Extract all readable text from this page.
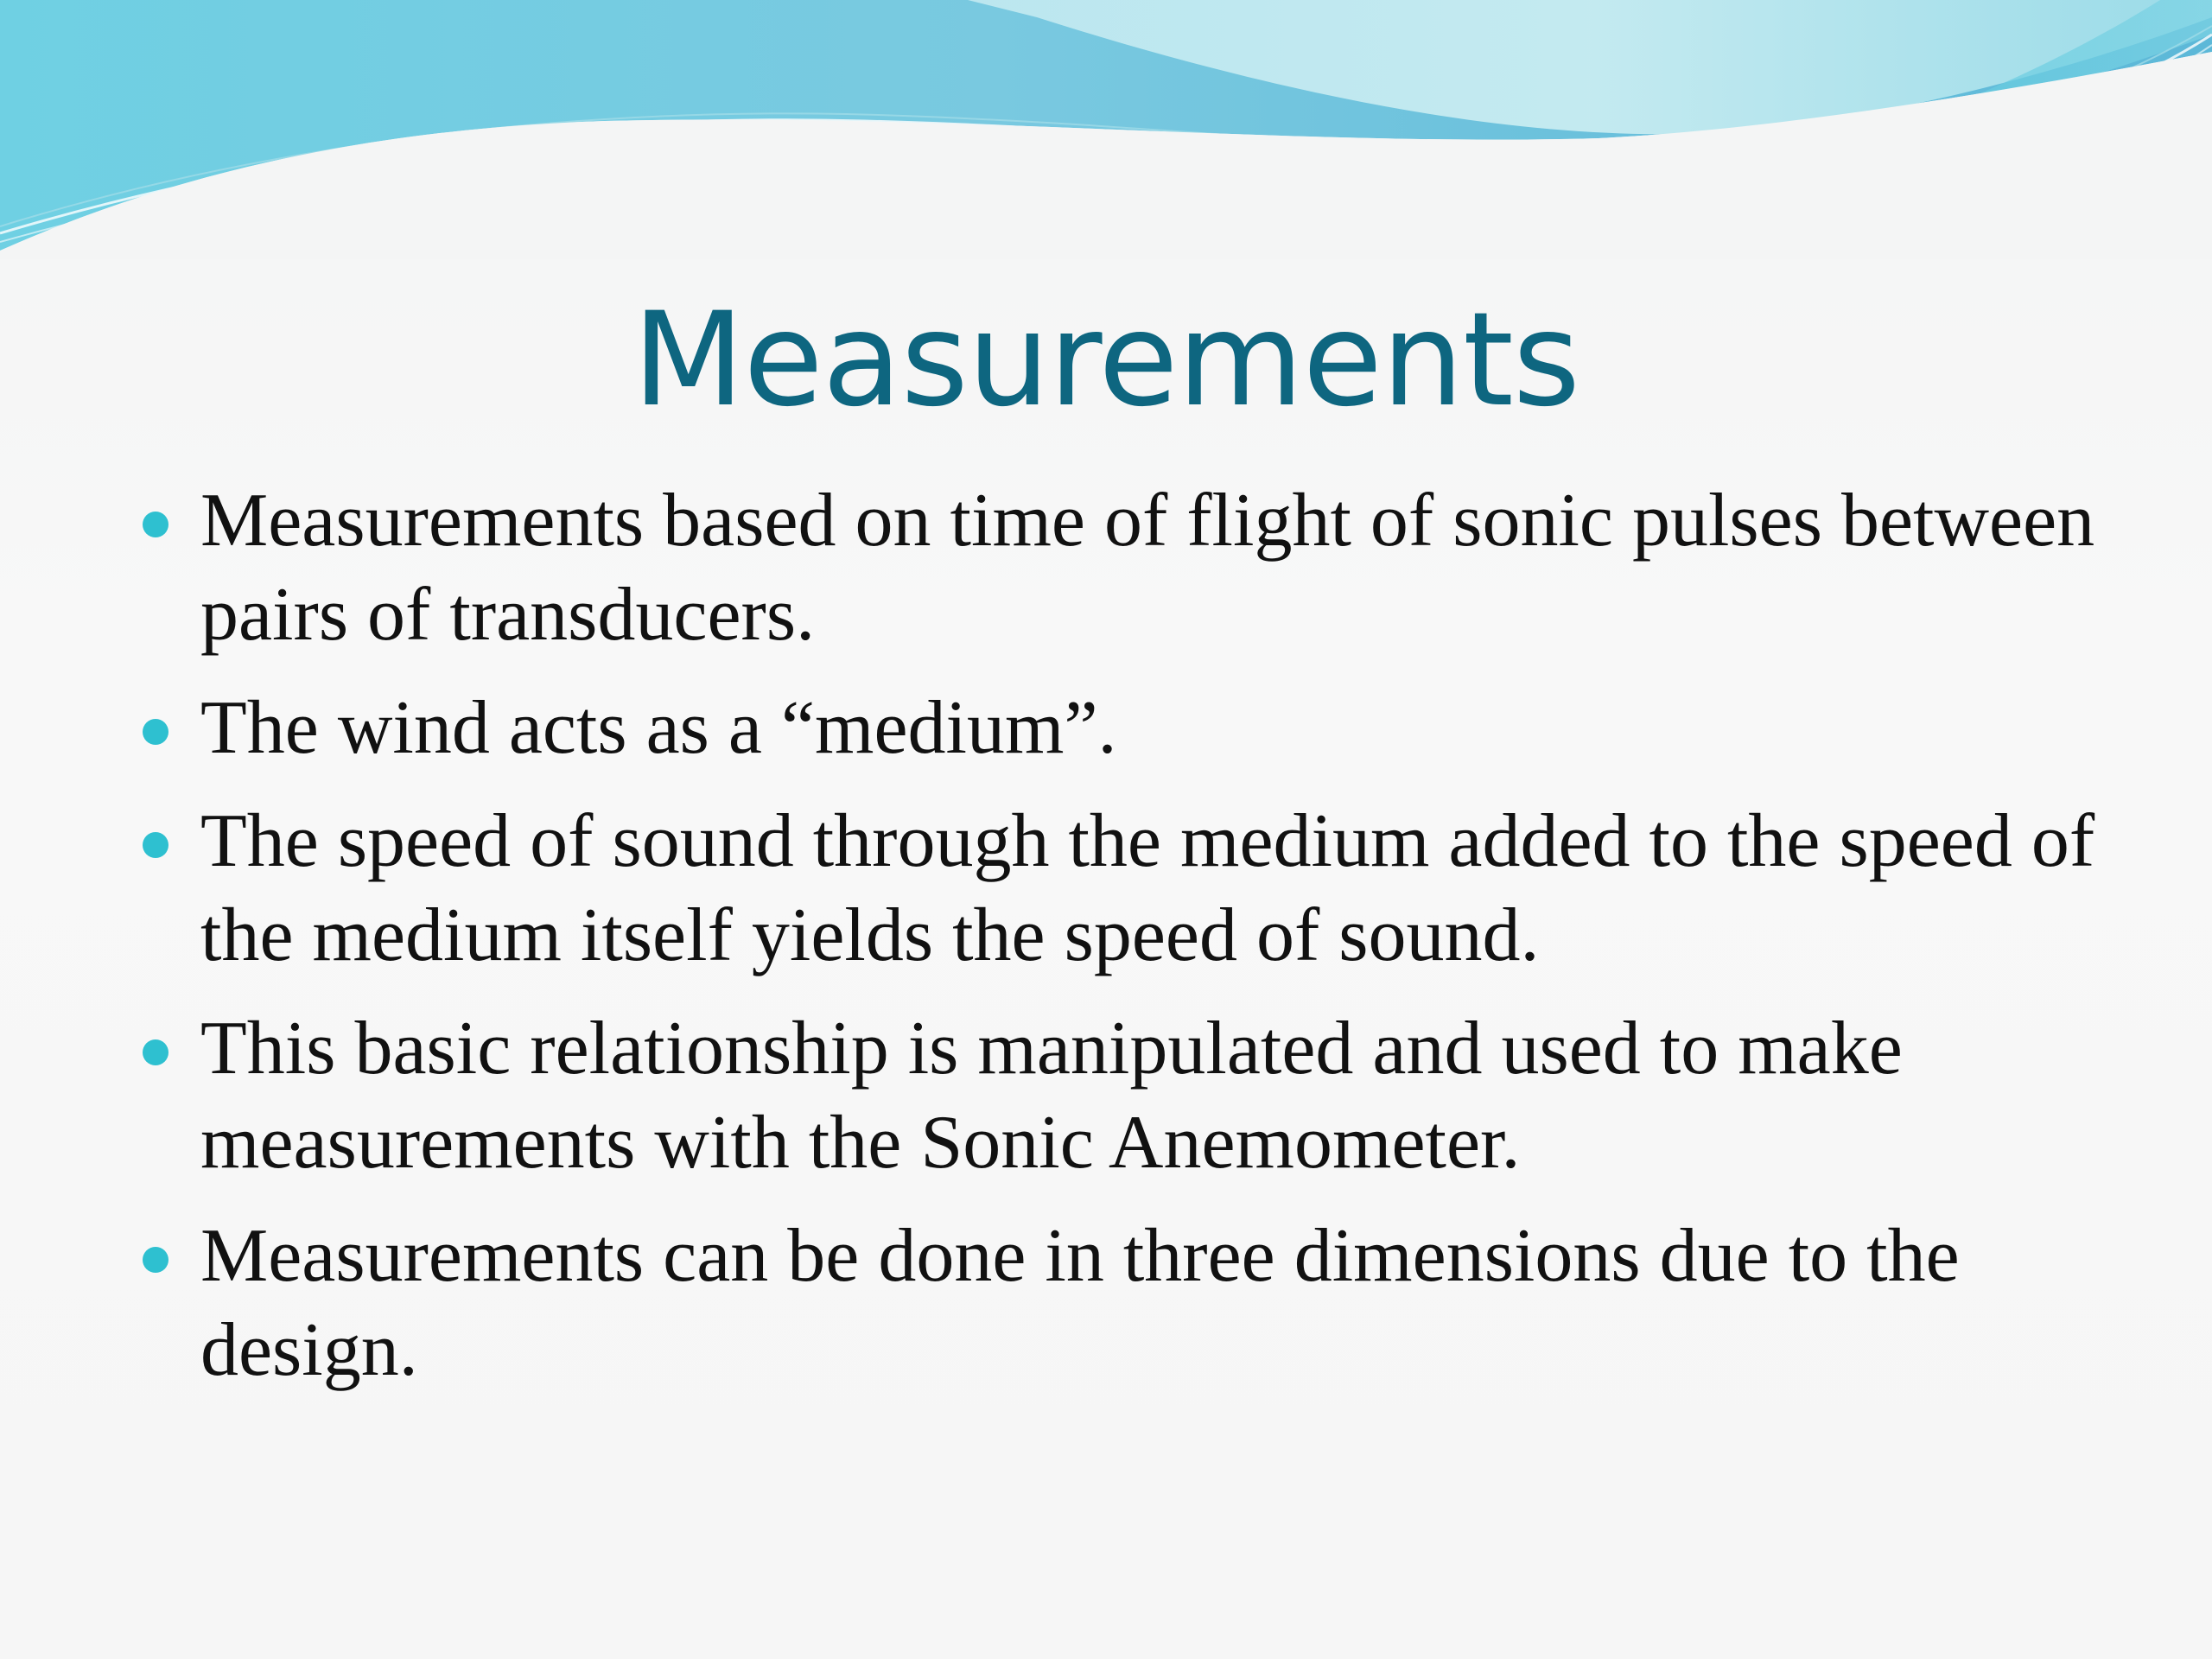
Measurements
Measurements based on time of flight of sonic pulses between pairs of transducers.
The wind acts as a “medium”.
The speed of sound through the medium added to the speed of the medium itself yields the speed of sound.
This basic relationship is manipulated and used to make measurements with the Sonic Anemometer.
Measurements can be done in three dimensions due to the design.
